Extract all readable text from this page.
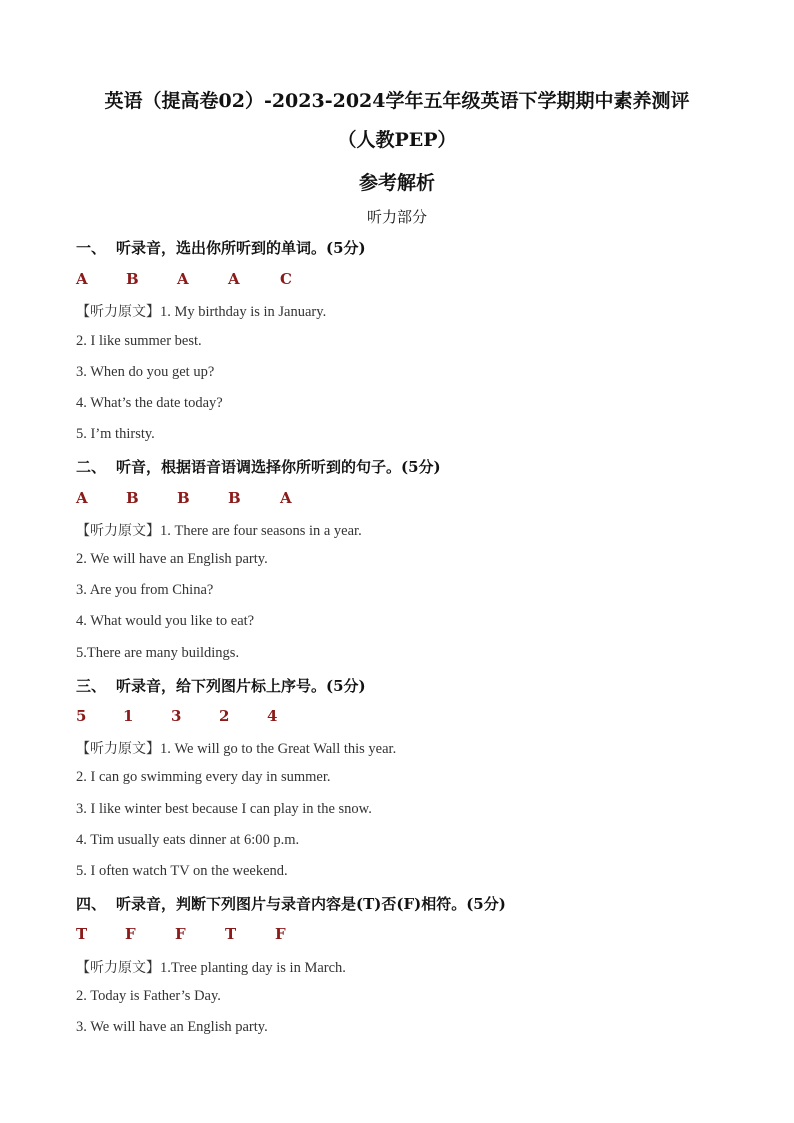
英语（提高卷02）-2023-2024学年五年级英语下学期期中素养测评
（人教PEP）
参考解析
听力部分
一、 听录音，选出你所听到的单词。(5分)
A	B	A	A	C
【听力原文】1. My birthday is in January.
2. I like summer best.
3. When do you get up?
4. What’s the date today?
5. I’m thirsty.
二、 听音，根据语音语调选择你所听到的句子。(5分)
A	B	B	B	A
【听力原文】1. There are four seasons in a year.
2. We will have an English party.
3. Are you from China?
4. What would you like to eat?
5.There are many buildings.
三、 听录音，给下列图片标上序号。(5分)
5 1	3	2	4
【听力原文】1. We will go to the Great Wall this year.
2. I can go swimming every day in summer.
3. I like winter best because I can play in the snow.
4. Tim usually eats dinner at 6:00 p.m.
5. I often watch TV on the weekend.
四、 听录音，判断下列图片与录音内容是(T)否(F)相符。(5分)
T	F	F	T	F
【听力原文】1.Tree planting day is in March.
2. Today is Father’s Day.
3. We will have an English party.
